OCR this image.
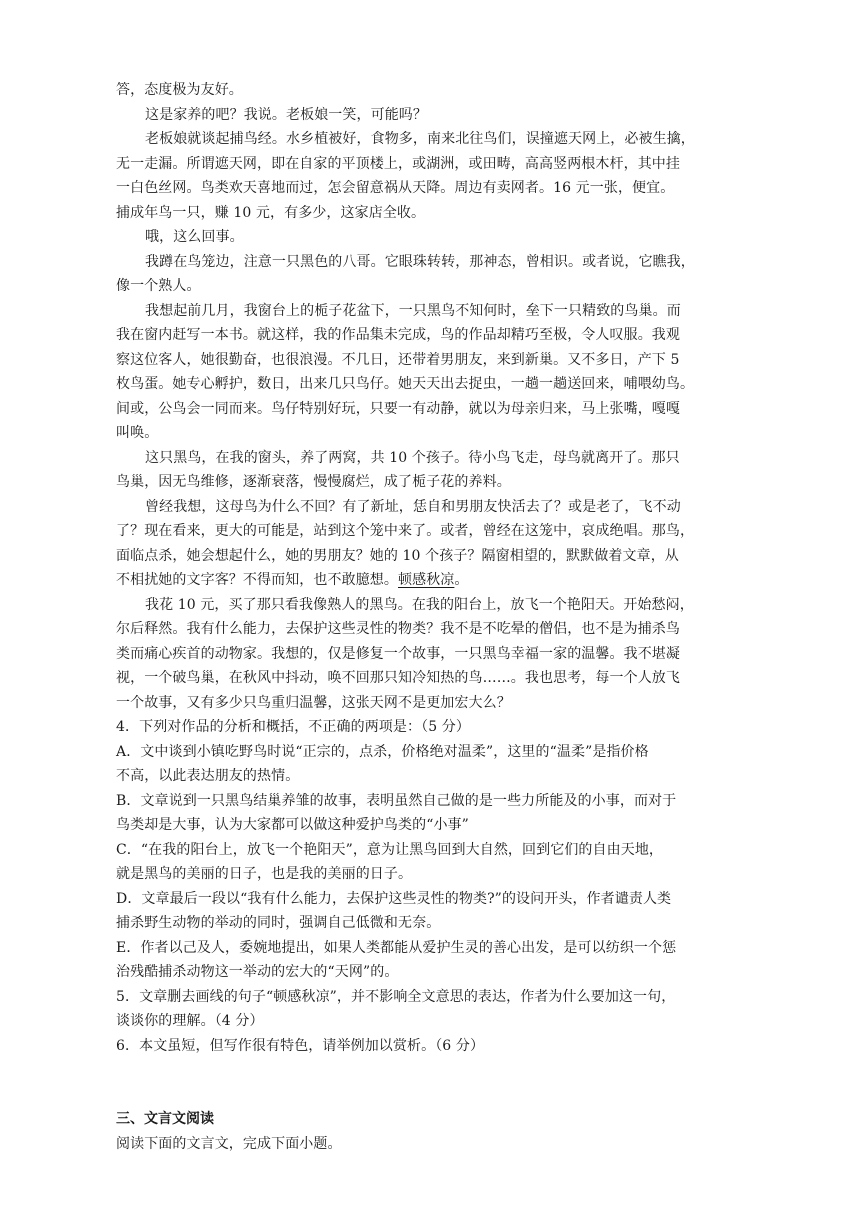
答，态度极为友好。
这是家养的吧？我说。老板娘一笑，可能吗？
老板娘就谈起捕鸟经。水乡植被好，食物多，南来北往鸟们，误撞遮天网上，必被生擒，
无一走漏。所谓遮天网，即在自家的平顶楼上，或湖洲，或田畴，高高竖两根木杆，其中挂
一白色丝网。鸟类欢天喜地而过，怎会留意祸从天降。周边有卖网者。16 元一张，便宜。
捕成年鸟一只，赚 10 元，有多少，这家店全收。
哦，这么回事。
我蹲在鸟笼边，注意一只黑色的八哥。它眼珠转转，那神态，曾相识。或者说，它瞧我，
像一个熟人。
我想起前几月，我窗台上的栀子花盆下，一只黑鸟不知何时，垒下一只精致的鸟巢。而
我在窗内赶写一本书。就这样，我的作品集未完成，鸟的作品却精巧至极，令人叹服。我观
察这位客人，她很勤奋，也很浪漫。不几日，还带着男朋友，来到新巢。又不多日，产下 5
枚鸟蛋。她专心孵护，数日，出来几只鸟仔。她天天出去捉虫，一趟一趟送回来，哺喂幼鸟。
间或，公鸟会一同而来。鸟仔特别好玩，只要一有动静，就以为母亲归来，马上张嘴，嘎嘎
叫唤。
这只黑鸟，在我的窗头，养了两窝，共 10 个孩子。待小鸟飞走，母鸟就离开了。那只
鸟巢，因无鸟维修，逐渐衰落，慢慢腐烂，成了栀子花的养料。
曾经我想，这母鸟为什么不回？有了新址，恁自和男朋友快活去了？或是老了，飞不动
了？现在看来，更大的可能是，站到这个笼中来了。或者，曾经在这笼中，哀成绝唱。那鸟，
面临点杀，她会想起什么，她的男朋友？她的 10 个孩子？隔窗相望的，默默做着文章，从
不相扰她的文字客？不得而知，也不敢臆想。顿感秋凉。
我花 10 元，买了那只看我像熟人的黑鸟。在我的阳台上，放飞一个艳阳天。开始愁闷，
尔后释然。我有什么能力，去保护这些灵性的物类？我不是不吃晕的僧侣，也不是为捕杀鸟
类而痛心疾首的动物家。我想的，仅是修复一个故事，一只黑鸟幸福一家的温馨。我不堪凝
视，一个破鸟巢，在秋风中抖动，唤不回那只知冷知热的鸟……。我也思考，每一个人放飞
一个故事，又有多少只鸟重归温馨，这张天网不是更加宏大么？
4．下列对作品的分析和概括，不正确的两项是：（5 分）
A．文中谈到小镇吃野鸟时说“正宗的，点杀，价格绝对温柔”，这里的“温柔”是指价格
不高，以此表达朋友的热情。
B．文章说到一只黑鸟结巢养雏的故事，表明虽然自己做的是一些力所能及的小事，而对于
鸟类却是大事，认为大家都可以做这种爱护鸟类的“小事”
C．“在我的阳台上，放飞一个艳阳天”，意为让黑鸟回到大自然，回到它们的自由天地，
就是黑鸟的美丽的日子，也是我的美丽的日子。
D．文章最后一段以“我有什么能力，去保护这些灵性的物类?”的设问开头，作者谴责人类
捕杀野生动物的举动的同时，强调自己低微和无奈。
E．作者以己及人，委婉地提出，如果人类都能从爱护生灵的善心出发，是可以纺织一个惩
治残酷捕杀动物这一举动的宏大的“天网”的。
5．文章删去画线的句子“顿感秋凉”，并不影响全文意思的表达，作者为什么要加这一句，
谈谈你的理解。（4 分）
6．本文虽短，但写作很有特色，请举例加以赏析。（6 分）
三、文言文阅读
阅读下面的文言文，完成下面小题。
